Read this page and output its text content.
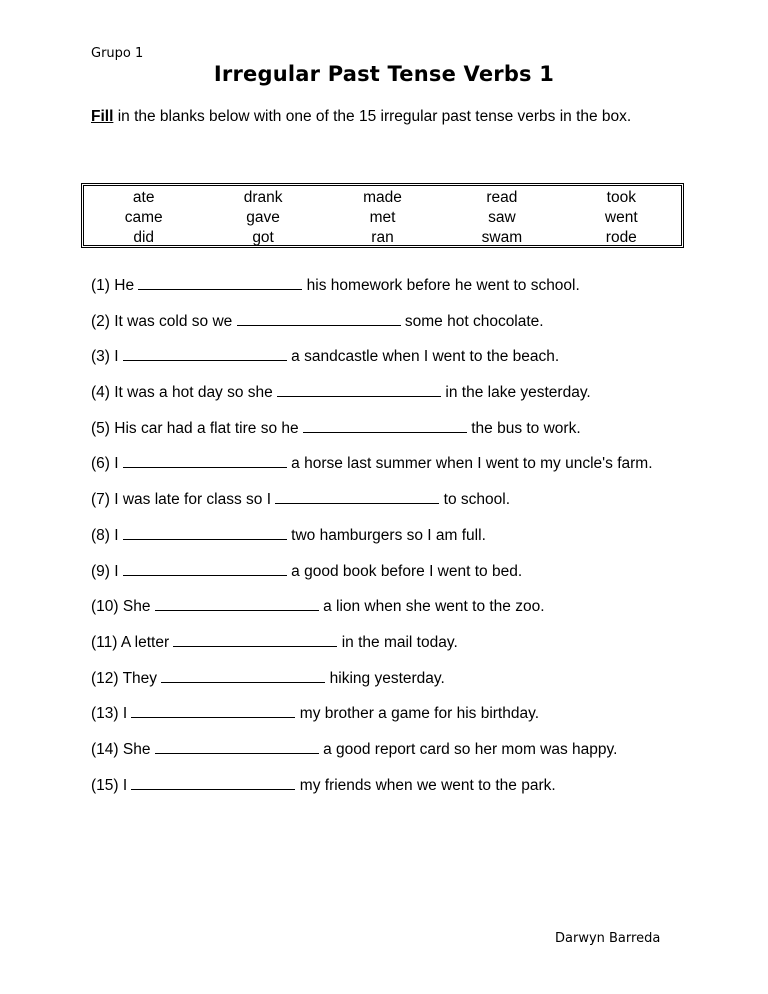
Grupo 1
Irregular Past Tense Verbs 1
Fill in the blanks below with one of the 15 irregular past tense verbs in the box.
ate	drank	made	read	took
came	gave	met	saw	went
did	got	ran	swam	rode
(1) He	his homework before he went to school.
(2) It was cold so we	some hot chocolate.
(3) I	a sandcastle when I went to the beach.
(4) It was a hot day so she	in the lake yesterday.
(5) His car had a flat tire so he	the bus to work.
(6) I	a horse last summer when I went to my uncle's farm.
(7) I was late for class so I	to school.
(8) I	two hamburgers so I am full.
(9) I	a good book before I went to bed.
(10) She	a lion when she went to the zoo.
(11) A letter	in the mail today.
(12) They	hiking yesterday.
(13) I	my brother a game for his birthday.
(14) She	a good report card so her mom was happy.
(15) I	my friends when we went to the park.
Darwyn Barreda
